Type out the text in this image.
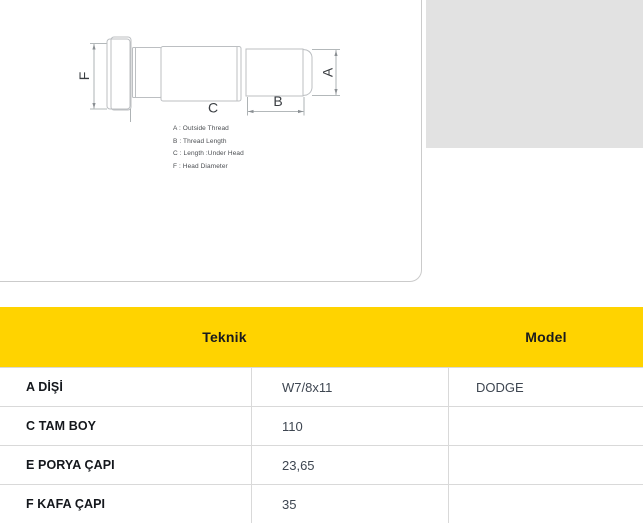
F
C
A
B
A : Outside Thread
B : Thread Length
C : Length :Under Head
F : Head Diameter
Teknik	Model
A DİŞİ	W7/8x11	DODGE
C TAM BOY	110
E PORYA ÇAPI	23,65
F KAFA ÇAPI	35
